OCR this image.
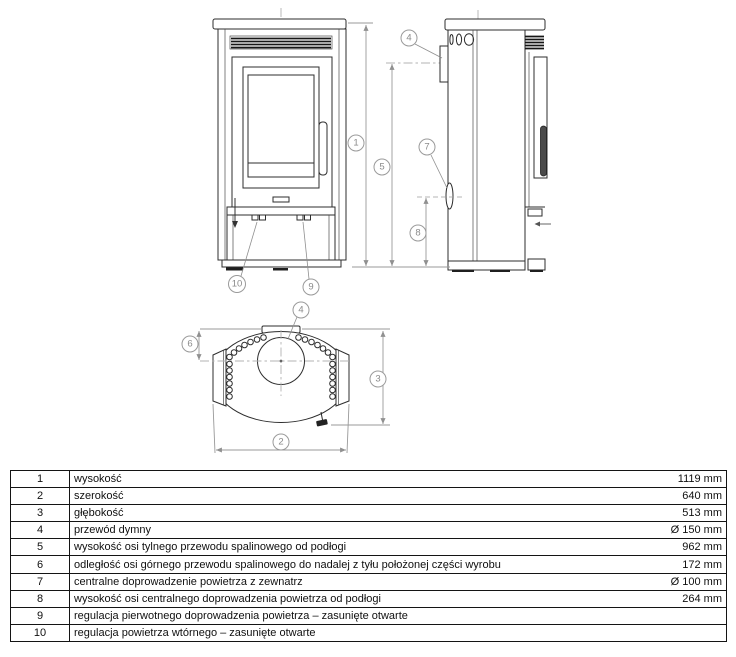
1
5
4
7
8
10	9
4
6
3
2
1	wysokość	1119 mm
2	szerokość	640 mm
3	głębokość	513 mm
4	przewód dymny	Ø 150 mm
5	wysokość osi tylnego przewodu spalinowego od podłogi	962 mm
6	odległość osi górnego przewodu spalinowego do nadalej z tyłu położonej części wyrobu	172 mm
7	centralne doprowadzenie powietrza z zewnatrz	Ø 100 mm
8	wysokość osi centralnego doprowadzenia powietrza od podłogi	264 mm
9	regulacja pierwotnego doprowadzenia powietrza – zasunięte otwarte	
10	regulacja powietrza wtórnego – zasunięte otwarte	
